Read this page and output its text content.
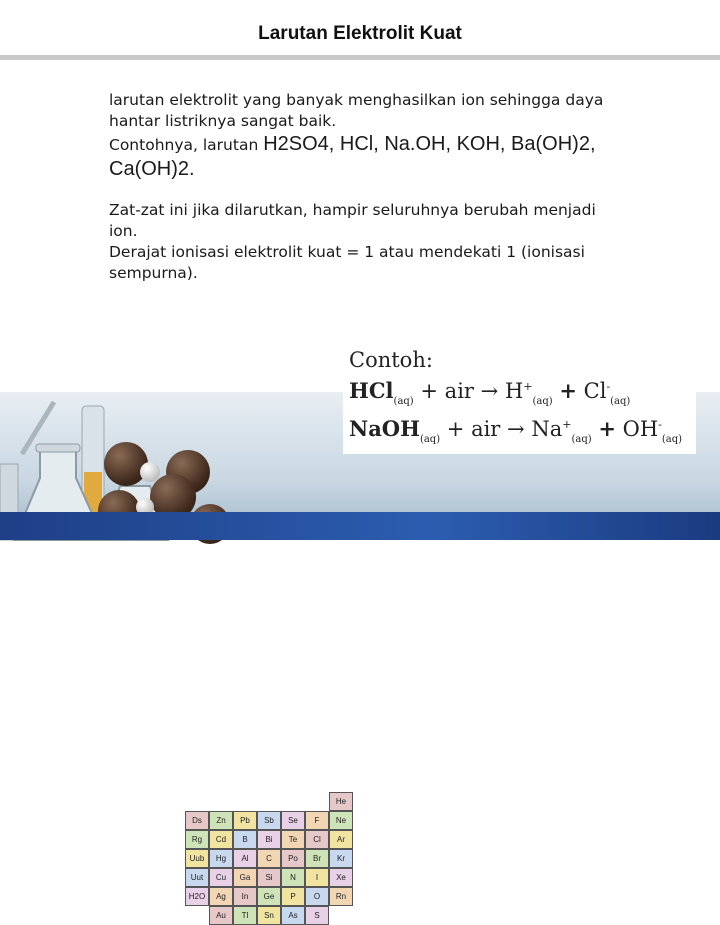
Larutan Elektrolit Kuat

larutan elektrolit yang banyak menghasilkan ion sehingga daya hantar listriknya sangat baik.

Contohnya, larutan H2SO4, HCl, Na.OH, KOH, Ba(OH)2, Ca(OH)2.

Zat-zat ini jika dilarutkan, hampir seluruhnya berubah menjadi ion.

Derajat ionisasi elektrolit kuat = 1 atau mendekati 1 (ionisasi sempurna).

He
Ne
Ar
Kr
Xe
Rn
F
Cl
Br
I
O
S
Se
Te
Po
N
P
As
Sb
Bi
C
Si
Ge
Sn
Pb
B
Al
Ga
In
Tl
Zn
Cd
Hg
Cu
Ag
Au
Ds
Rg
Uub
Uut
H2O
Contoh:
HCl$_{(aq)}$ + air → $H^+_{(aq)} + Cl^-_{(aq)}$
NaOH$_{(aq)}$ + air → $Na^+_{(aq)} + OH^-_{(aq)}$
